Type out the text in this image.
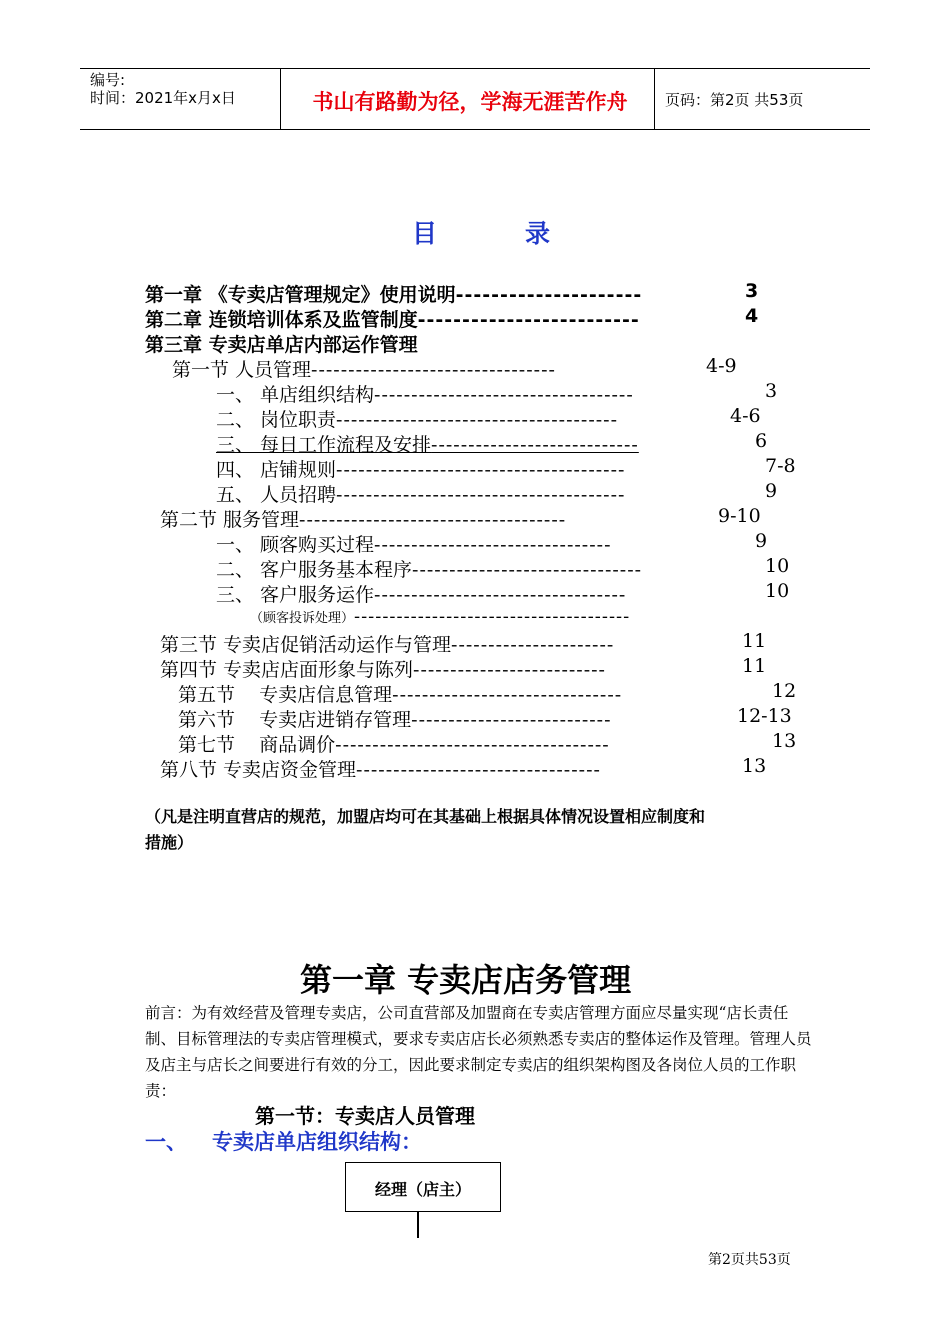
编号:
时间：2021年x月x日	书山有路勤为径，学海无涯苦作舟	页码：第2页 共53页
目	录
第一章 《专卖店管理规定》使用说明---------------------	3
第二章 连锁培训体系及监管制度-------------------------	4
第三章 专卖店单店内部运作管理
第一节 人员管理---------------------------------	4-9
一、 单店组织结构-----------------------------------	3
二、 岗位职责--------------------------------------	4-6
三、 每日工作流程及安排----------------------------	6
四、 店铺规则---------------------------------------	7-8
五、 人员招聘---------------------------------------	9
第二节 服务管理------------------------------------	9-10
一、 顾客购买过程--------------------------------	9
二、 客户服务基本程序-------------------------------	10
三、 客户服务运作----------------------------------	10
（顾客投诉处理）---------------------------------------
第三节 专卖店促销活动运作与管理----------------------	11
第四节 专卖店店面形象与陈列--------------------------	11
第五节    专卖店信息管理-------------------------------	12
第六节    专卖店进销存管理---------------------------	12-13
第七节    商品调价-------------------------------------	13
第八节 专卖店资金管理---------------------------------	13
（凡是注明直营店的规范，加盟店均可在其基础上根据具体情况设置相应制度和
措施）
第一章 专卖店店务管理
前言：为有效经营及管理专卖店，公司直营部及加盟商在专卖店管理方面应尽量实现“店长责任制、目标管理法的专卖店管理模式，要求专卖店店长必须熟悉专卖店的整体运作及管理。管理人员及店主与店长之间要进行有效的分工，因此要求制定专卖店的组织架构图及各岗位人员的工作职责：
第一节：专卖店人员管理
一、 专卖店单店组织结构：
经理（店主）
第2页共53页
